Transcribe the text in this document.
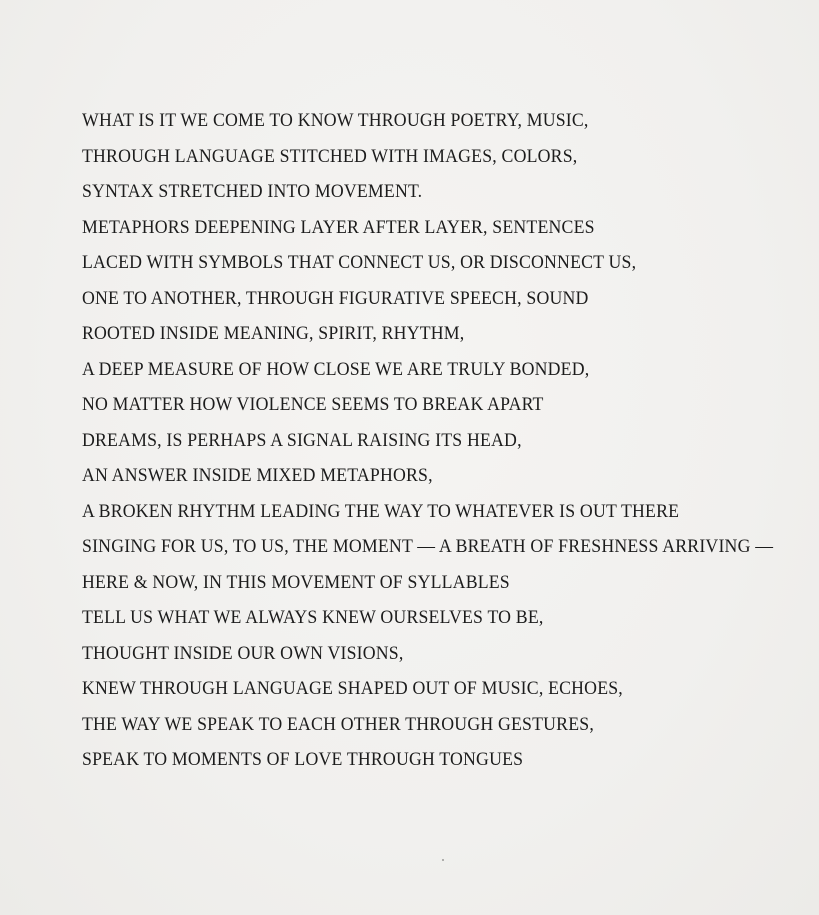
WHAT IS IT WE COME TO KNOW THROUGH POETRY, MUSIC,
THROUGH LANGUAGE STITCHED WITH IMAGES, COLORS,
SYNTAX STRETCHED INTO MOVEMENT.
METAPHORS DEEPENING LAYER AFTER LAYER, SENTENCES
LACED WITH SYMBOLS THAT CONNECT US, OR DISCONNECT US,
ONE TO ANOTHER, THROUGH FIGURATIVE SPEECH, SOUND
ROOTED INSIDE MEANING, SPIRIT, RHYTHM,
A DEEP MEASURE OF HOW CLOSE WE ARE TRULY BONDED,
NO MATTER HOW VIOLENCE SEEMS TO BREAK APART
DREAMS, IS PERHAPS A SIGNAL RAISING ITS HEAD,
AN ANSWER INSIDE MIXED METAPHORS,
A BROKEN RHYTHM LEADING THE WAY TO WHATEVER IS OUT THERE
SINGING FOR US, TO US, THE MOMENT — A BREATH OF FRESHNESS ARRIVING —
HERE & NOW, IN THIS MOVEMENT OF SYLLABLES
TELL US WHAT WE ALWAYS KNEW OURSELVES TO BE,
THOUGHT INSIDE OUR OWN VISIONS,
KNEW THROUGH LANGUAGE SHAPED OUT OF MUSIC, ECHOES,
THE WAY WE SPEAK TO EACH OTHER THROUGH GESTURES,
SPEAK TO MOMENTS OF LOVE THROUGH TONGUES
